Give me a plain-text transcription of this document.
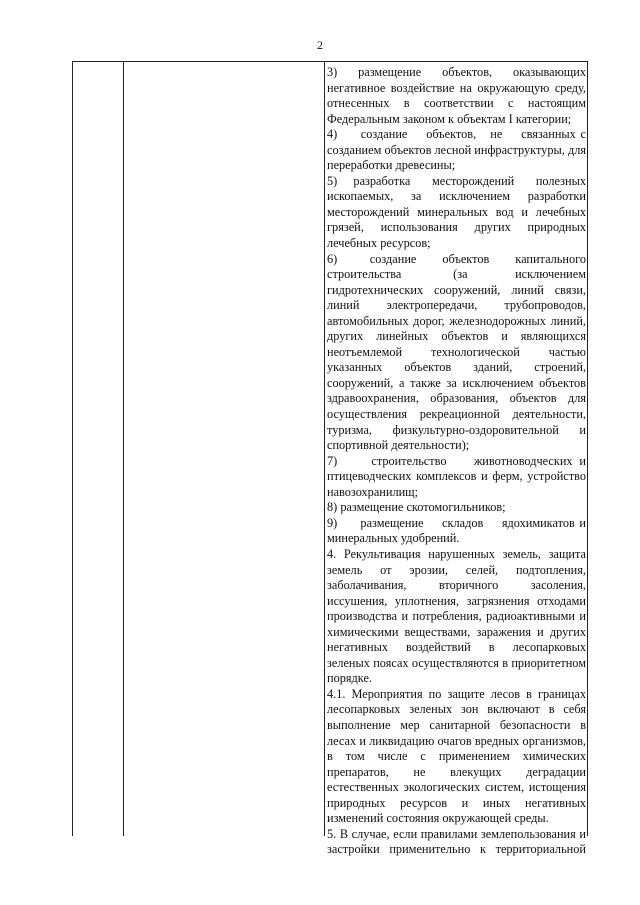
2

3)   размещение   объектов,   оказывающих негативное воздействие на окружающую среду, отнесенных в соответствии с настоящим Федеральным законом к объектам I категории;

4)     создание    объектов,   не    связанных с созданием объектов лесной инфраструктуры, для переработки древесины;

5)   разработка    месторождений    полезных ископаемых, за исключением разработки месторождений минеральных вод и лечебных грязей, использования других природных лечебных ресурсов;

6)     создание    объектов    капитального строительства            (за           исключением гидротехнических сооружений, линий связи, линий электропередачи, трубопроводов, автомобильных дорог, железнодорожных линий, других линейных объектов и являющихся неотъемлемой технологической частью указанных объектов зданий, строений, сооружений, а также за исключением объектов здравоохранения, образования, объектов для осуществления рекреационной деятельности, туризма, физкультурно-оздоровительной и спортивной деятельности);

7)     строительство    животноводческих и птицеводческих комплексов и ферм, устройство навозохранилищ;

8) размещение скотомогильников;

9)     размещение    складов    ядохимикатов и минеральных удобрений.

4. Рекультивация нарушенных земель, защита земель от эрозии, селей, подтопления, заболачивания, вторичного засоления, иссушения, уплотнения, загрязнения отходами производства и потребления, радиоактивными и химическими веществами, заражения и других негативных воздействий в лесопарковых зеленых поясах осуществляются в приоритетном порядке.

4.1. Мероприятия по защите лесов в границах лесопарковых зеленых зон включают в себя выполнение мер санитарной безопасности в лесах и ликвидацию очагов вредных организмов, в том числе с применением химических препаратов, не влекущих деградации естественных экологических систем, истощения природных ресурсов и иных негативных изменений состояния окружающей среды.

5. В случае, если правилами землепользования и застройки применительно к территориальной
